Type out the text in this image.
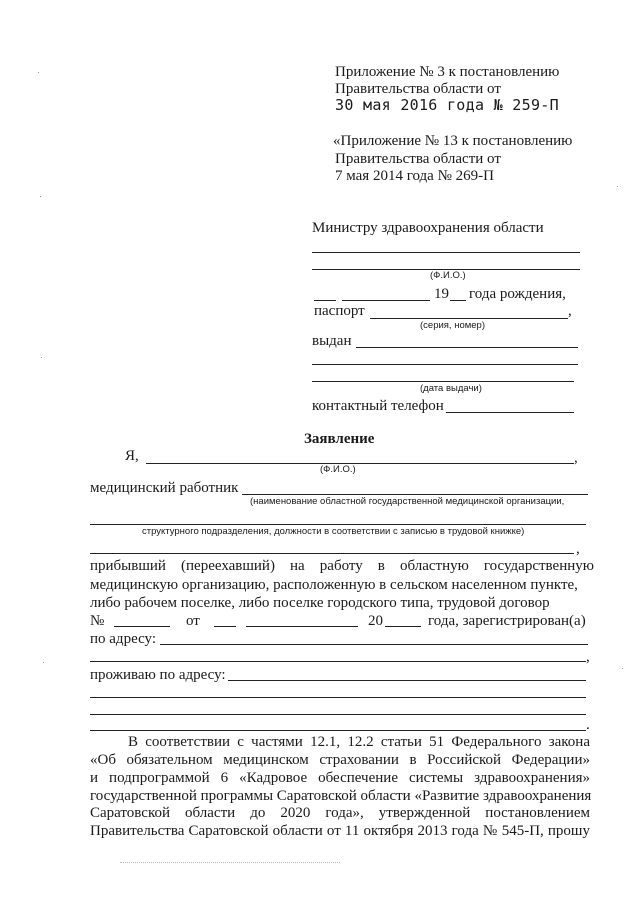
Приложение № 3 к постановлению
Правительства области от
30 мая 2016 года № 259-П
«Приложение № 13 к постановлению
Правительства области от
7 мая 2014 года № 269-П
Министру здравоохранения области
(Ф.И.О.)
19 года рождения,
паспорт	,
(серия, номер)
выдан
(дата выдачи)
контактный телефон
Заявление
Я,	,
(Ф.И.О.)
медицинский работник
(наименование областной государственной медицинской организации,
структурного подразделения, должности в соответствии с записью в трудовой книжке)
,
прибывший (переехавший) на работу в областную государственную
медицинскую организацию, расположенную в сельском населенном пункте,
либо рабочем поселке, либо поселке городского типа, трудовой договор
№	от	20	года, зарегистрирован(а)
по адресу:
,
проживаю по адресу:
.
В соответствии с частями 12.1, 12.2 статьи 51 Федерального закона
«Об обязательном медицинском страховании в Российской Федерации»
и подпрограммой 6 «Кадровое обеспечение системы здравоохранения»
государственной программы Саратовской области «Развитие здравоохранения
Саратовской области до 2020 года», утвержденной постановлением
Правительства Саратовской области от 11 октября 2013 года № 545-П, прошу
